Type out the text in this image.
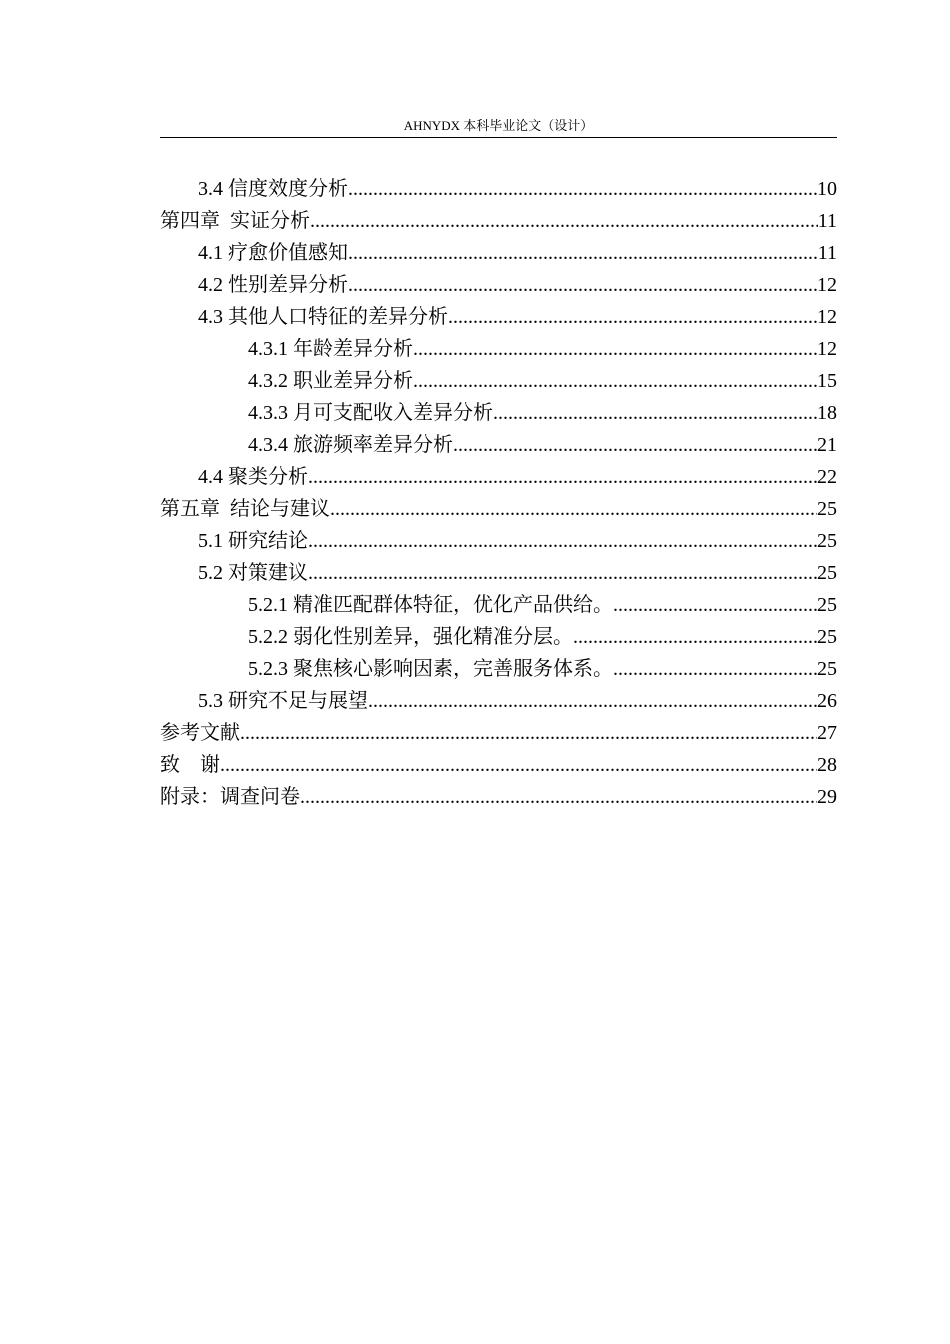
AHNYDX 本科毕业论文（设计）
3.4 信度效度分析 .....	10
第四章  实证分析 .....	11
4.1 疗愈价值感知 .....	11
4.2 性别差异分析 .....	12
4.3 其他人口特征的差异分析 .....	12
4.3.1 年龄差异分析 .....	12
4.3.2 职业差异分析 .....	15
4.3.3 月可支配收入差异分析 .....	18
4.3.4 旅游频率差异分析 .....	21
4.4 聚类分析 .....	22
第五章  结论与建议 .....	25
5.1 研究结论 .....	25
5.2 对策建议 .....	25
5.2.1 精准匹配群体特征，优化产品供给。 .....	25
5.2.2 弱化性别差异，强化精准分层。 .....	25
5.2.3 聚焦核心影响因素，完善服务体系。 .....	25
5.3 研究不足与展望 .....	26
参考文献 .....	27
致    谢 .....	28
附录：调查问卷 .....	29
